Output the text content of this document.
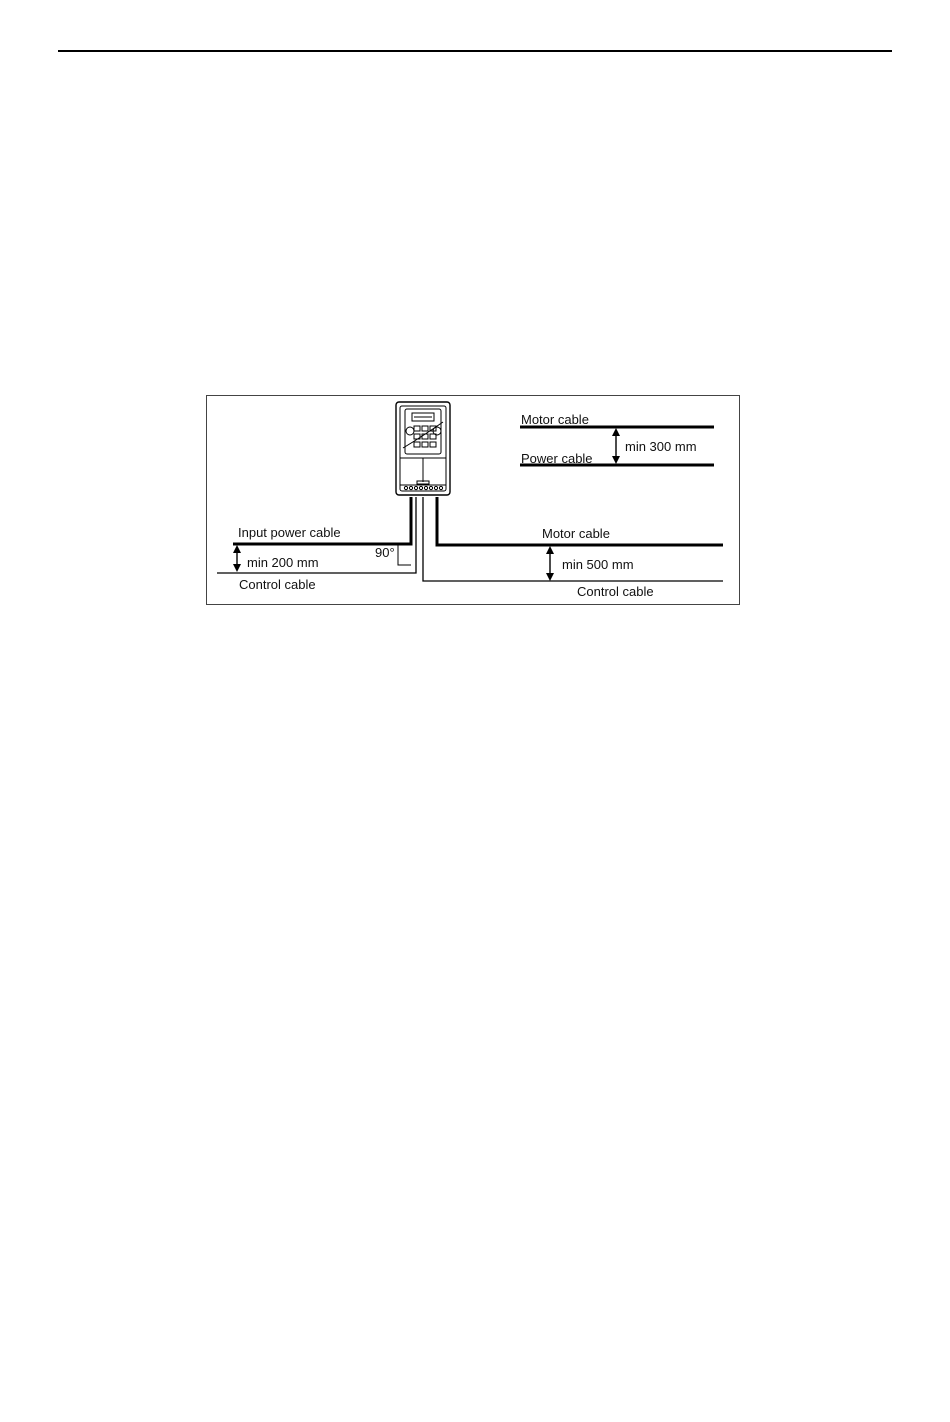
Motor cable
min 300 mm
Power cable
Input power cable
min 200 mm
90°
Control cable
Motor cable
min 500 mm
Control cable
